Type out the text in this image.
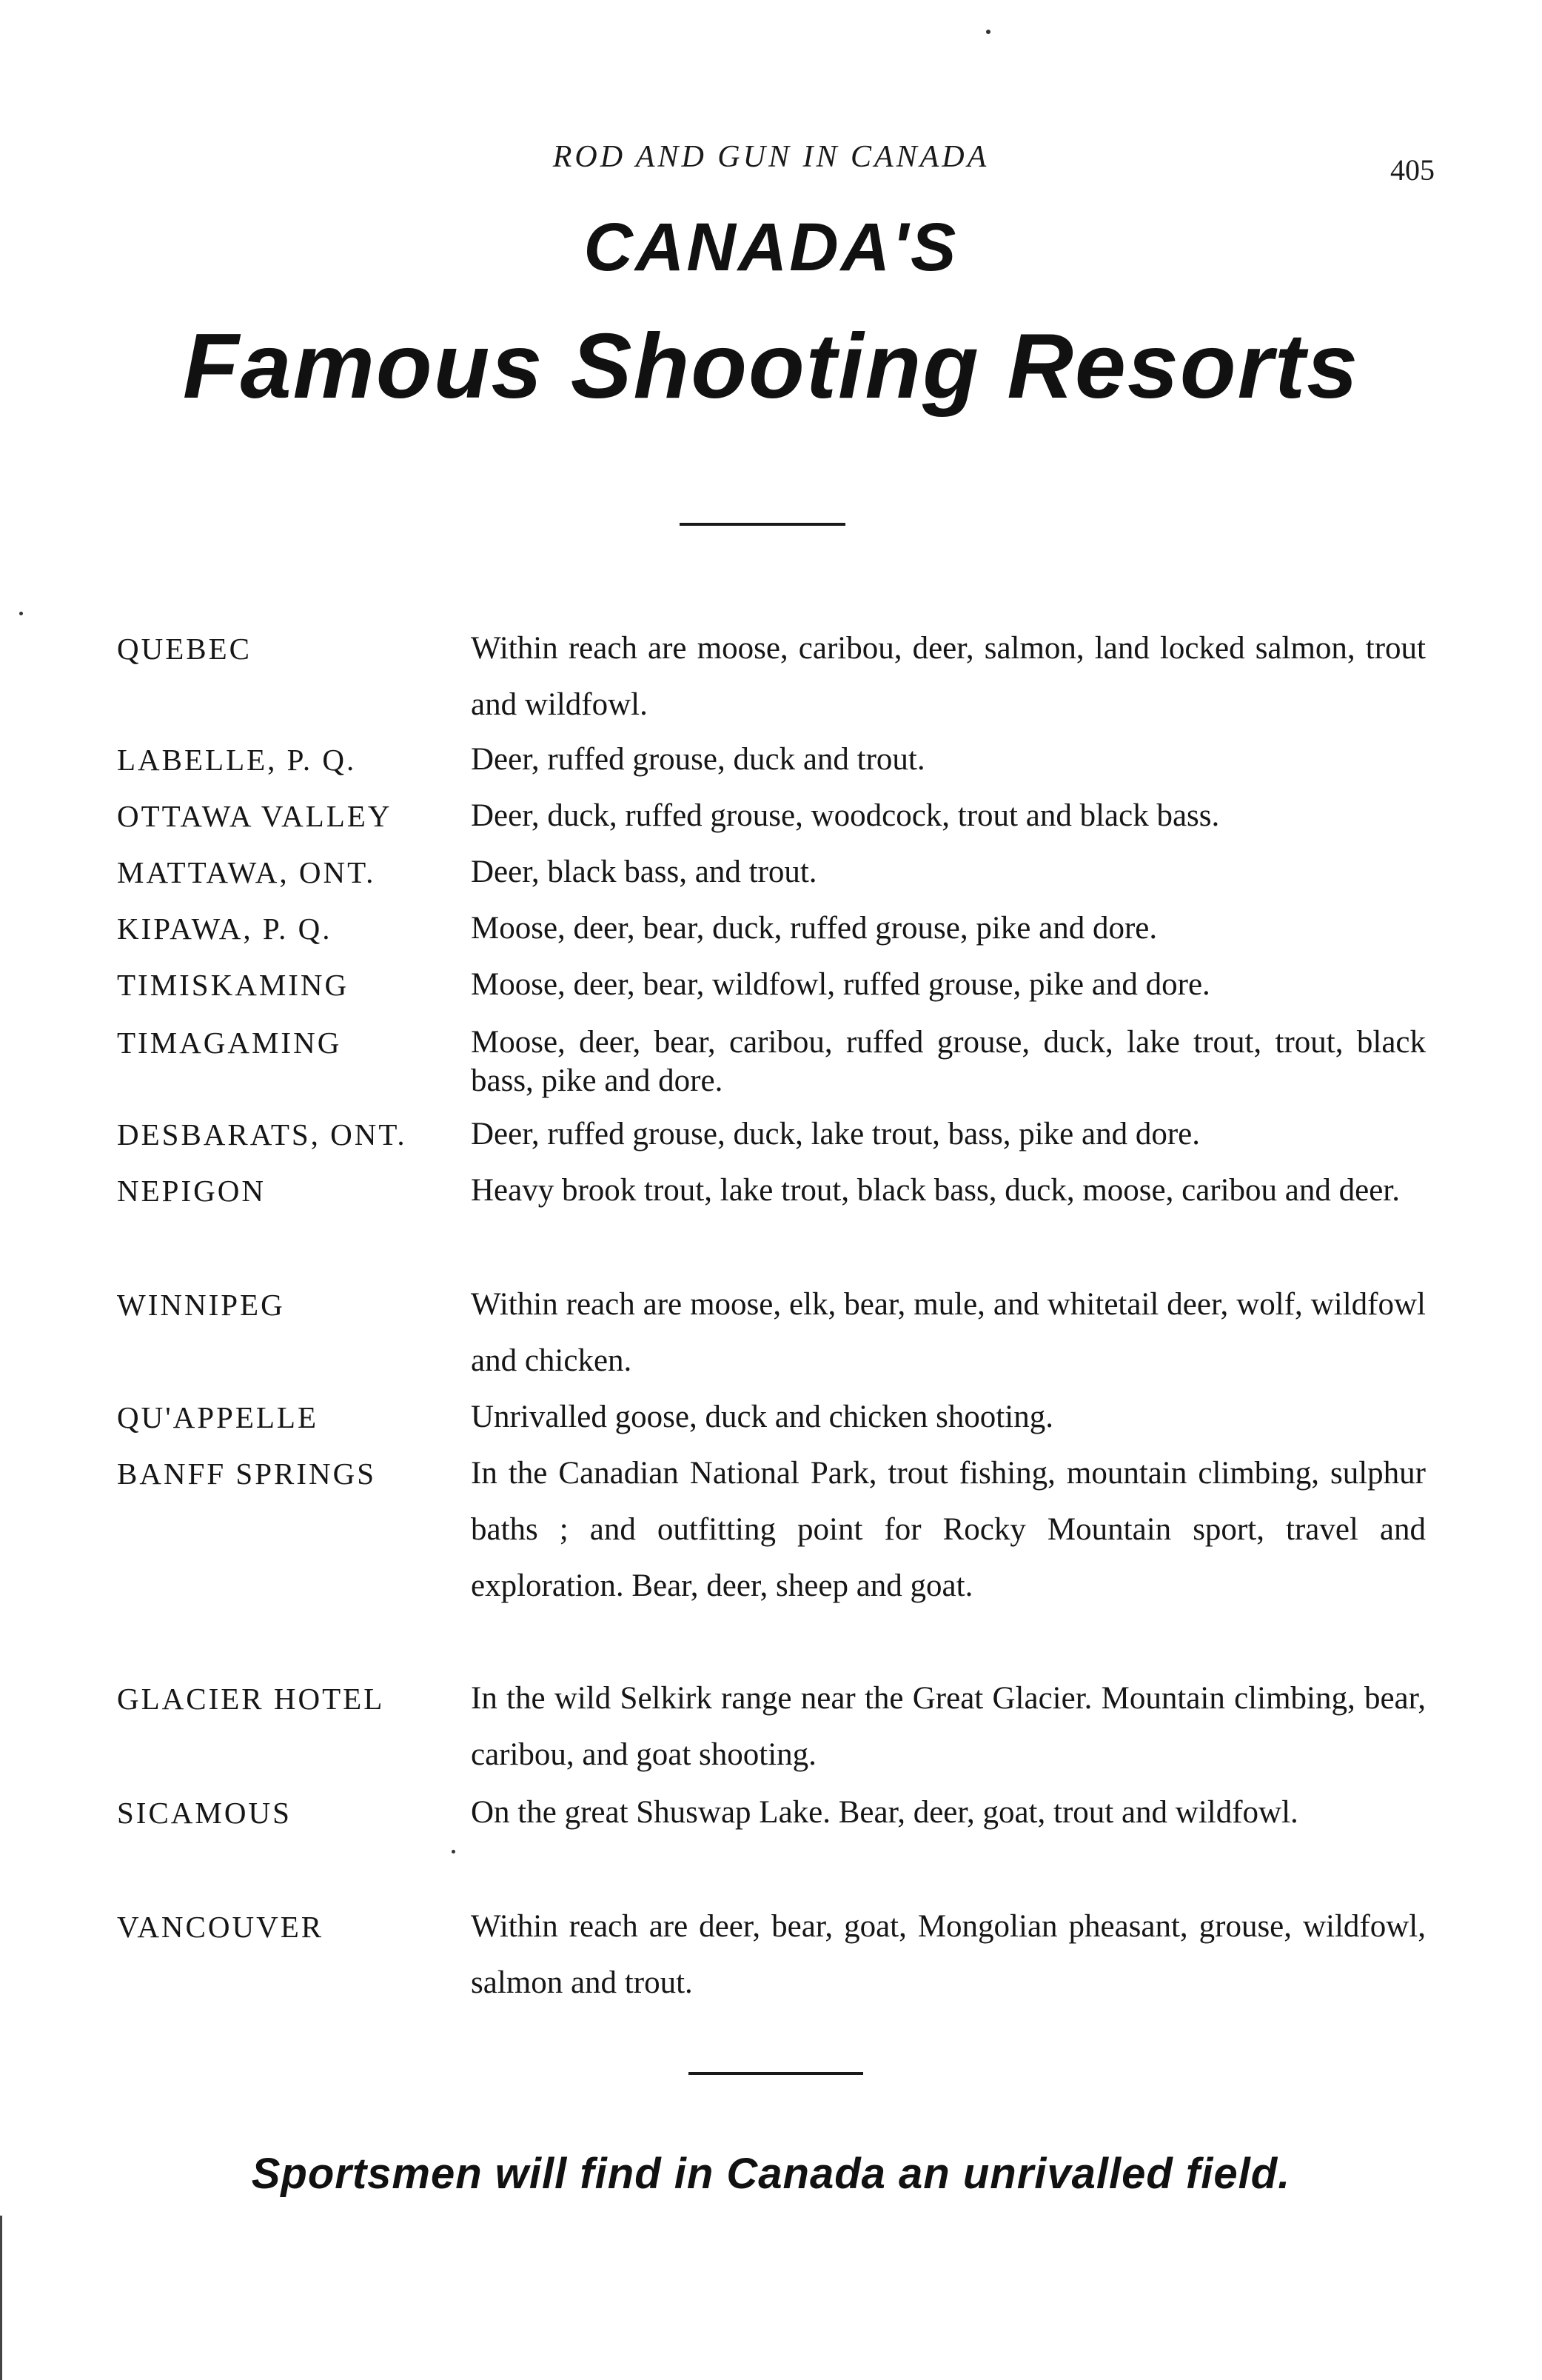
ROD AND GUN IN CANADA	405
CANADA'S
Famous Shooting Resorts
QUEBEC	Within reach are moose, caribou, deer, salmon, land locked salmon, trout and wildfowl.
LABELLE, P. Q.	Deer, ruffed grouse, duck and trout.
OTTAWA VALLEY Deer, duck, ruffed grouse, woodcock, trout and black bass.
MATTAWA, ONT.	Deer, black bass, and trout.
KIPAWA, P. Q.	Moose, deer, bear, duck, ruffed grouse, pike and dore.
TIMISKAMING	Moose, deer, bear, wildfowl, ruffed grouse, pike and dore.
TIMAGAMING	Moose, deer, bear, caribou, ruffed grouse, duck, lake trout, trout, black bass, pike and dore.
DESBARATS, ONT. Deer, ruffed grouse, duck, lake trout, bass, pike and dore.
NEPIGON	Heavy brook trout, lake trout, black bass, duck, moose, caribou and deer.
WINNIPEG	Within reach are moose, elk, bear, mule, and whitetail deer, wolf, wildfowl and chicken.
QU'APPELLE	Unrivalled goose, duck and chicken shooting.
BANFF SPRINGS	In the Canadian National Park, trout fishing, mountain climbing, sulphur baths ; and outfitting point for Rocky Mountain sport, travel and exploration. Bear, deer, sheep and goat.
GLACIER HOTEL	In the wild Selkirk range near the Great Glacier. Mountain climbing, bear, caribou, and goat shooting.
SICAMOUS	On the great Shuswap Lake. Bear, deer, goat, trout and wildfowl.
VANCOUVER	Within reach are deer, bear, goat, Mongolian pheasant, grouse, wildfowl, salmon and trout.
Sportsmen will find in Canada an unrivalled field.
